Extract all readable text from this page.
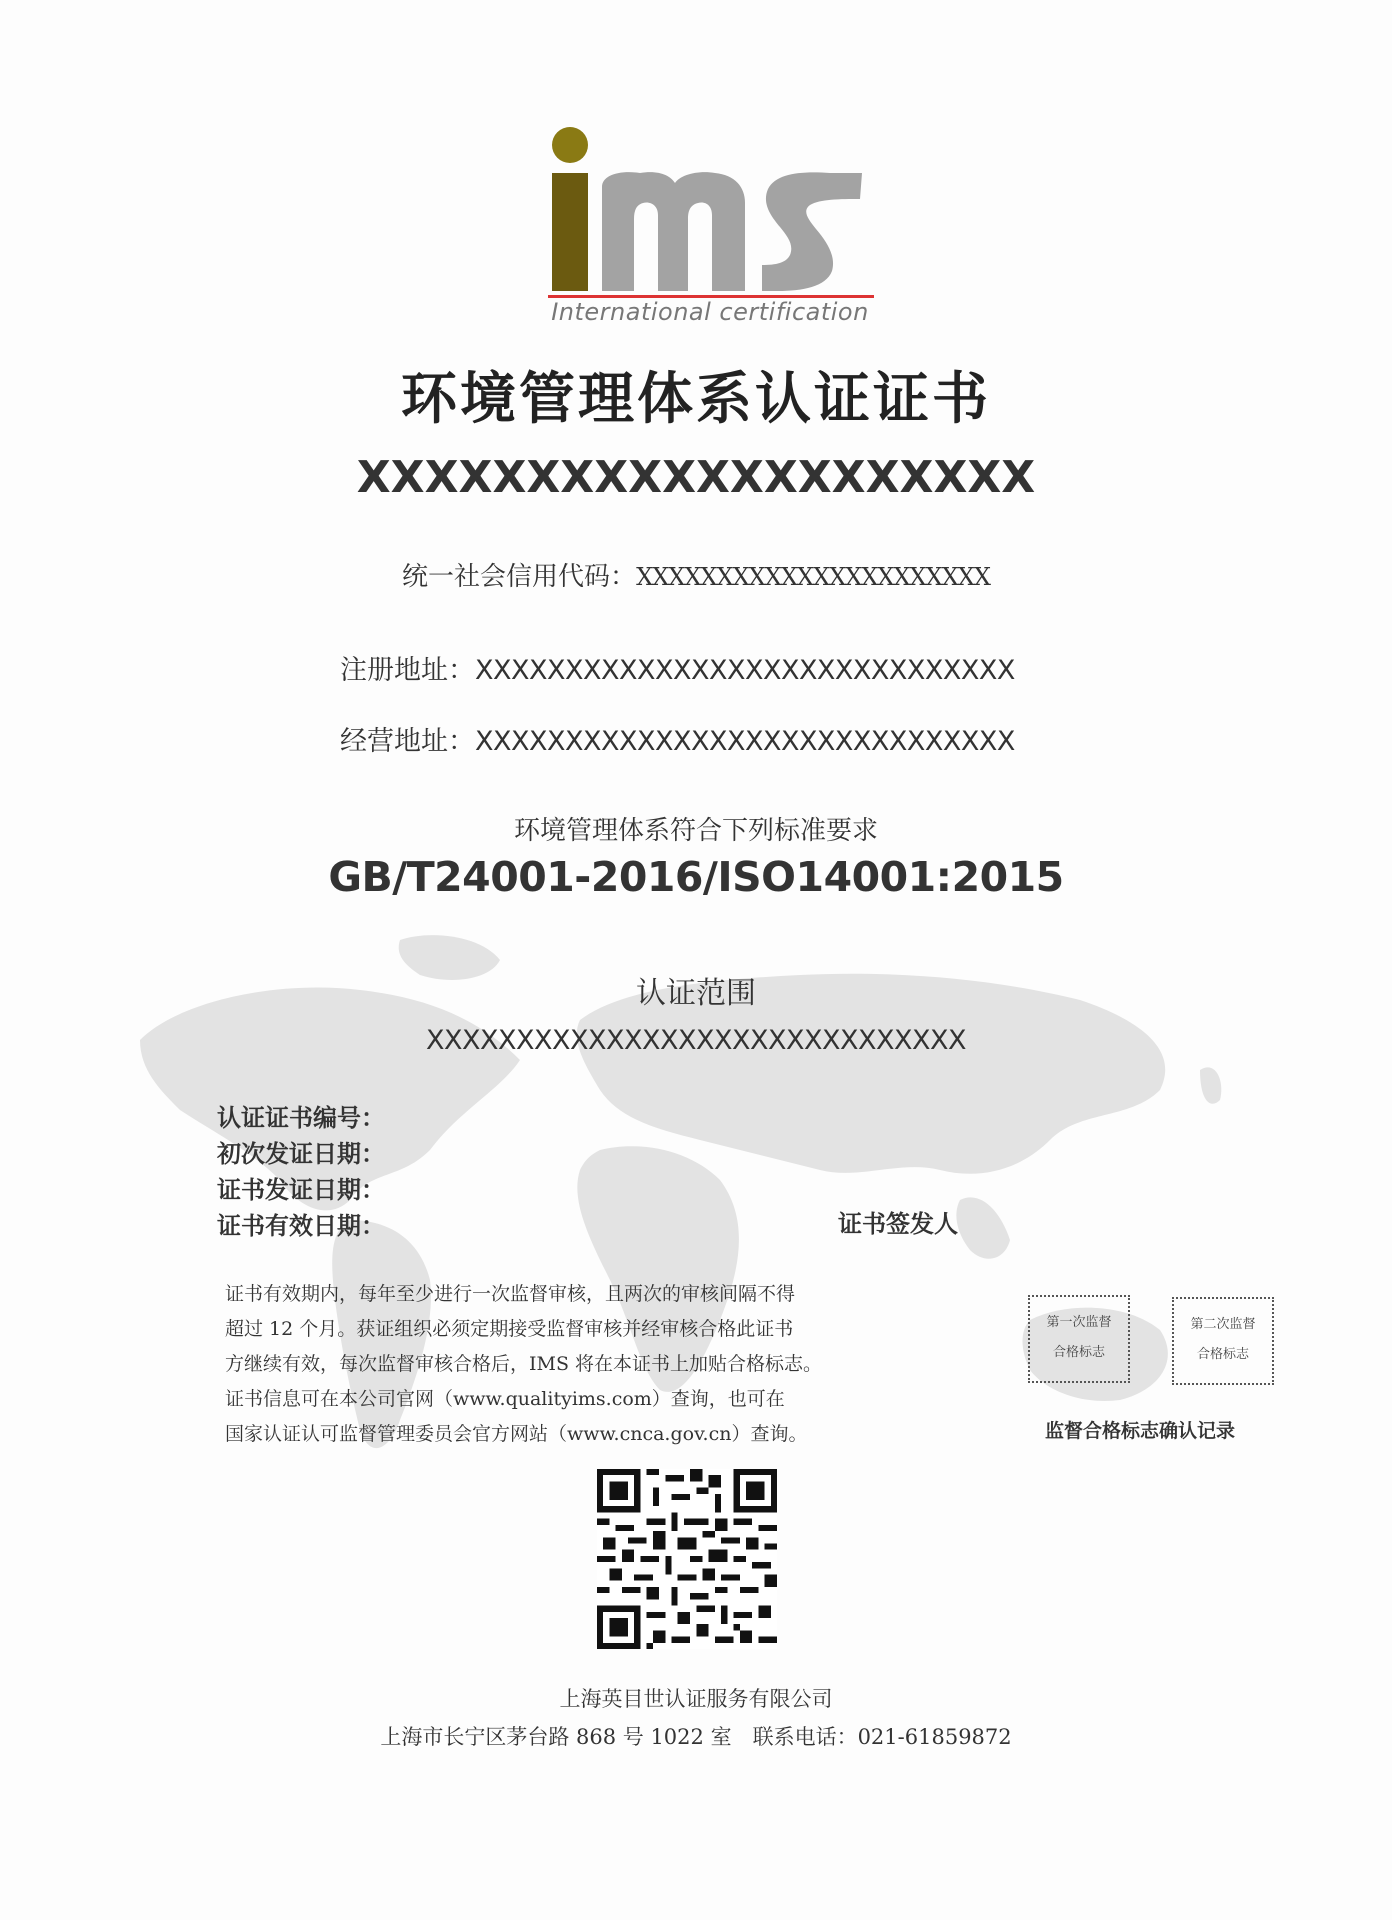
International certification
环境管理体系认证证书
XXXXXXXXXXXXXXXXXXXX
统一社会信用代码：XXXXXXXXXXXXXXXXXXXXXX
注册地址：XXXXXXXXXXXXXXXXXXXXXXXXXXXXXX
经营地址：XXXXXXXXXXXXXXXXXXXXXXXXXXXXXX
环境管理体系符合下列标准要求
GB/T24001-2016/ISO14001:2015
认证范围
XXXXXXXXXXXXXXXXXXXXXXXXXXXXXX
认证证书编号：
初次发证日期：
证书发证日期：
证书有效日期：	证书签发人
证书有效期内，每年至少进行一次监督审核，且两次的审核间隔不得
超过 12 个月。获证组织必须定期接受监督审核并经审核合格此证书
方继续有效，每次监督审核合格后，IMS 将在本证书上加贴合格标志。
证书信息可在本公司官网（www.qualityims.com）查询，也可在
国家认证认可监督管理委员会官方网站（www.cnca.gov.cn）查询。
第一次监督
合格标志
第二次监督
合格标志
监督合格标志确认记录
上海英目世认证服务有限公司
上海市长宁区茅台路 868 号 1022 室　联系电话：021-61859872
